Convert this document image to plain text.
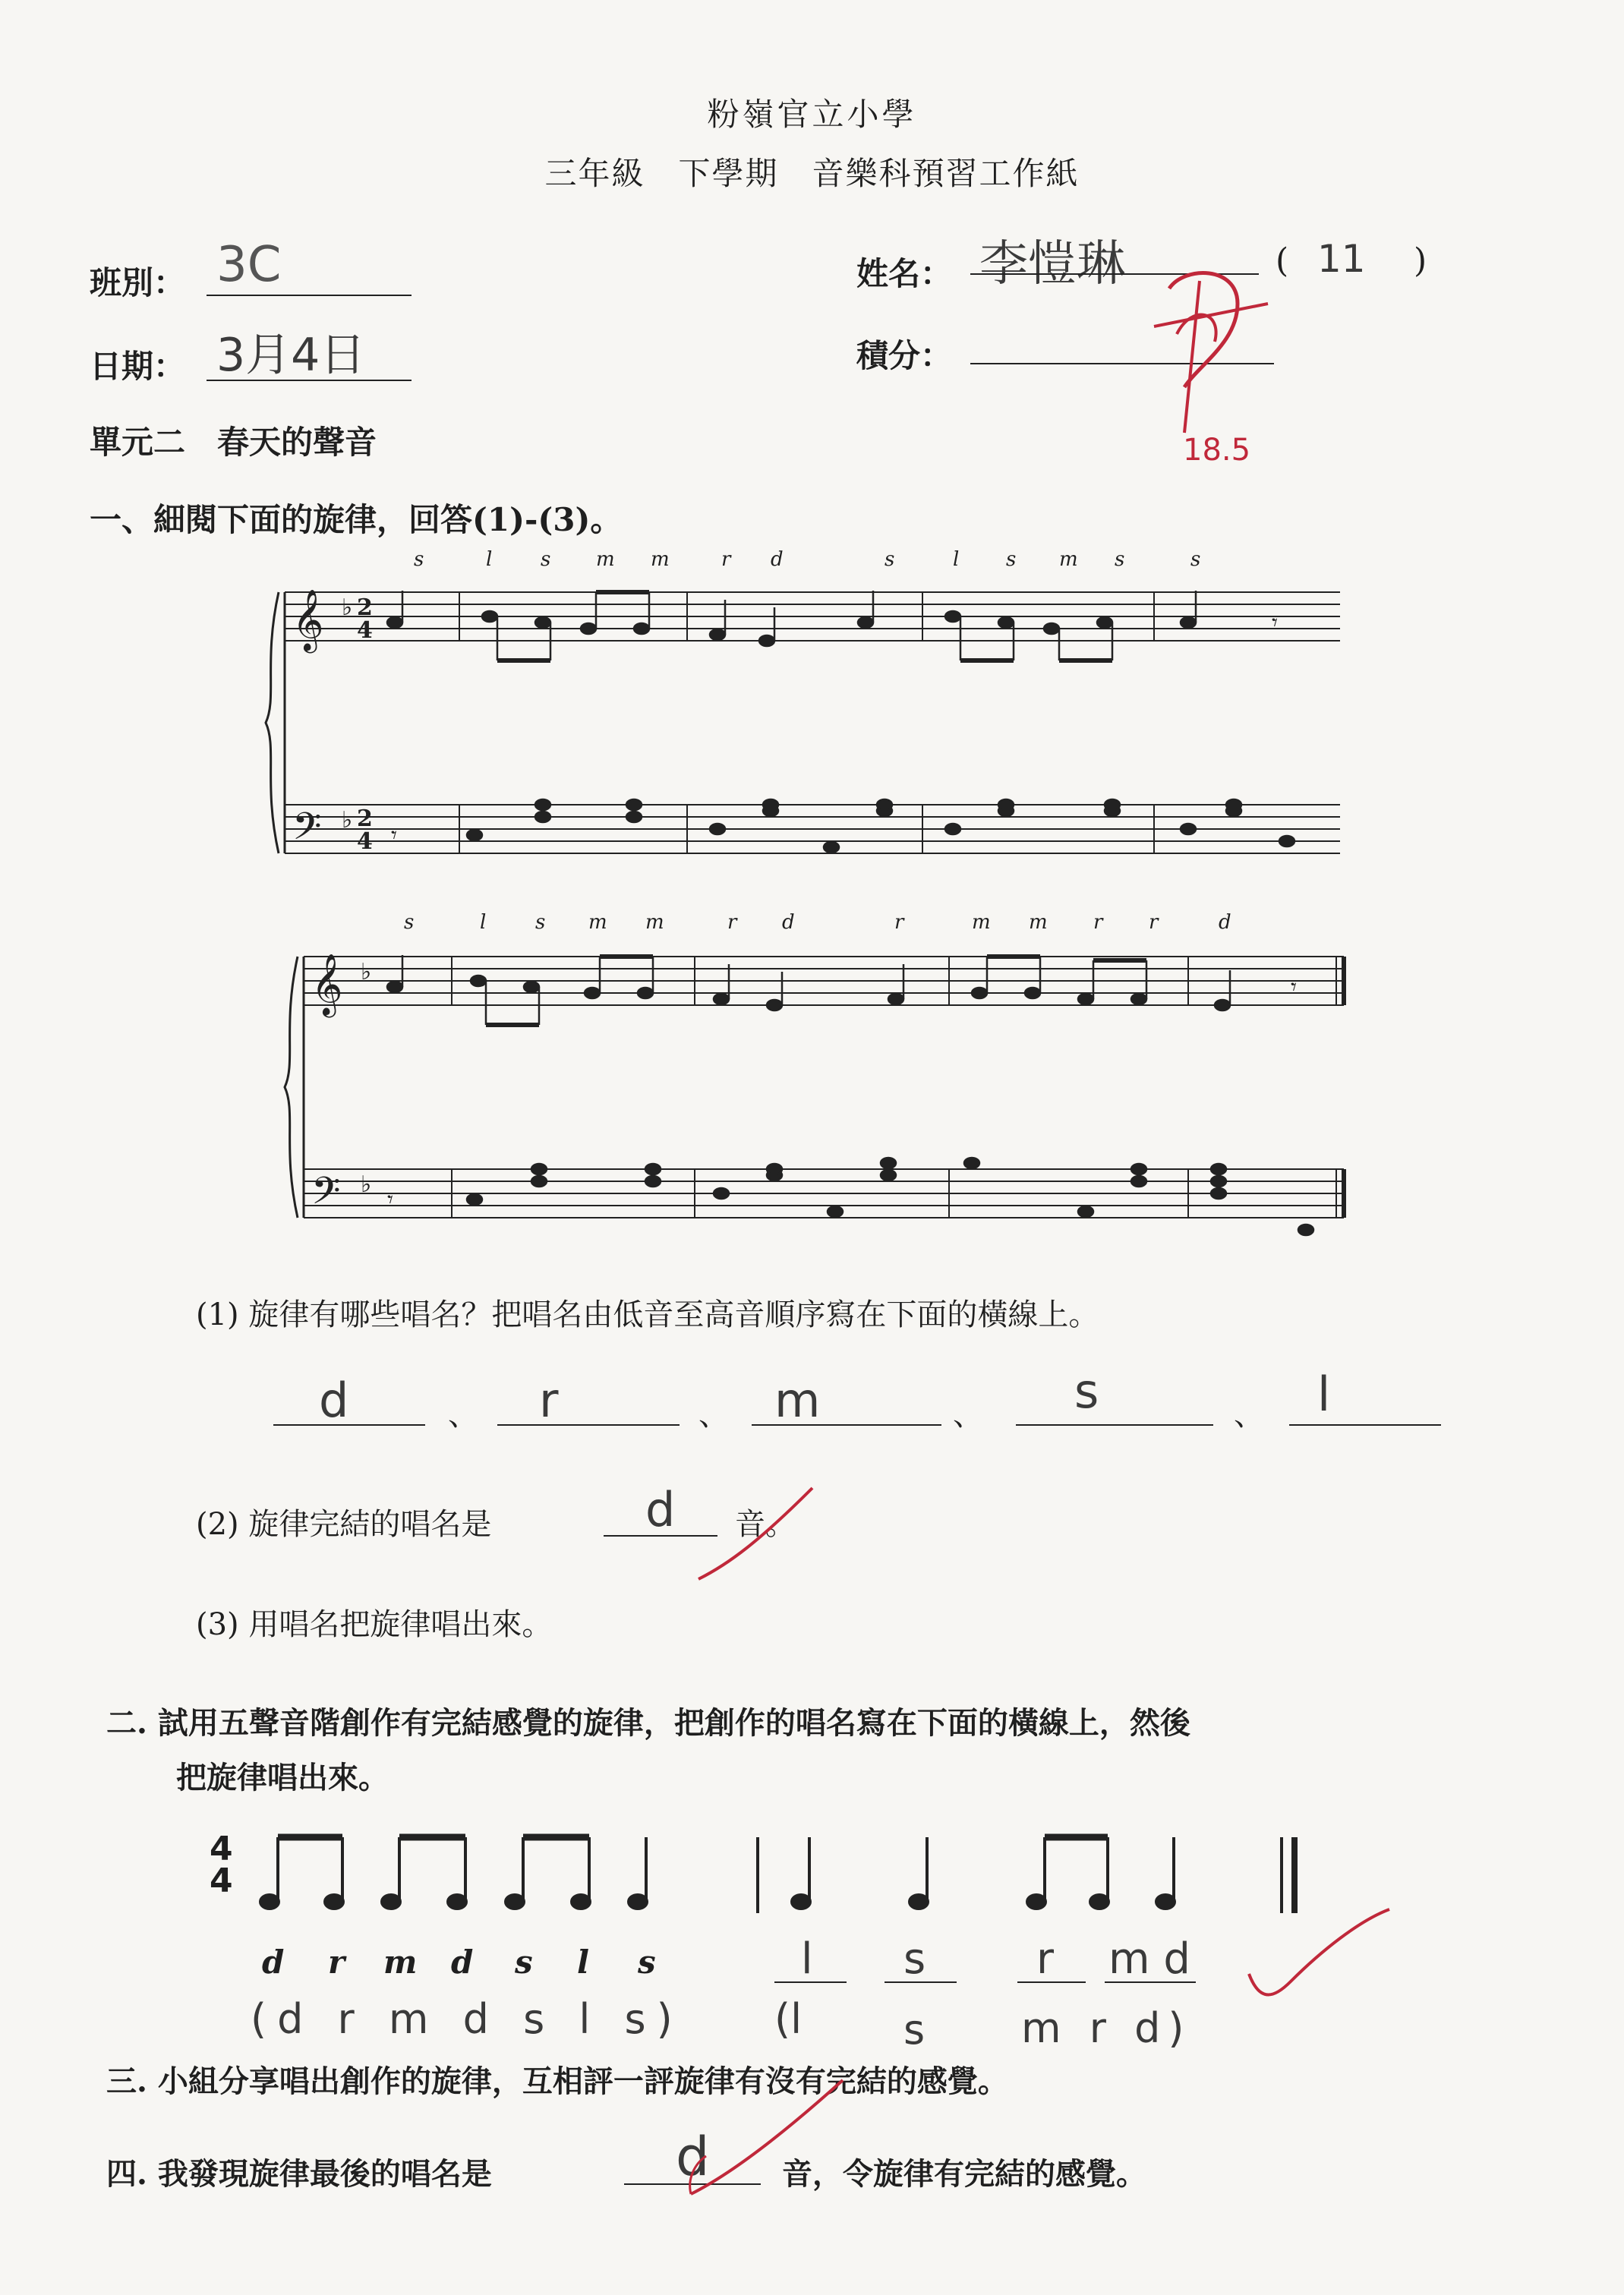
粉嶺官立小學
三年級　下學期　音樂科預習工作紙
班別： 3C	姓名： 李愷琳	( 11 )
日期： 3月4日	積分：
18.5
單元二　春天的聲音
一、細閱下面的旋律，回答(1)-(3)。
s	l s m m	r d	s	l s m s	s
𝄞
𝄢
♭
♭
2
4
2
4
𝄾
𝄾
s	l s m m	r d	r	m m r r	d
𝄞
𝄢
♭
♭
𝄾
𝄾
(1) 旋律有哪些唱名？把唱名由低音至高音順序寫在下面的橫線上。
d	、 r	、 m	、 s	、 l
(2) 旋律完結的唱名是	d 音。
(3) 用唱名把旋律唱出來。
二. 試用五聲音階創作有完結感覺的旋律，把創作的唱名寫在下面的橫線上，然後
把旋律唱出來。
4
4
d r m d s l s	l s	r m d
(d r m d s l s) (l s m r d)
三. 小組分享唱出創作的旋律，互相評一評旋律有沒有完結的感覺。
四. 我發現旋律最後的唱名是	d 音，令旋律有完結的感覺。
